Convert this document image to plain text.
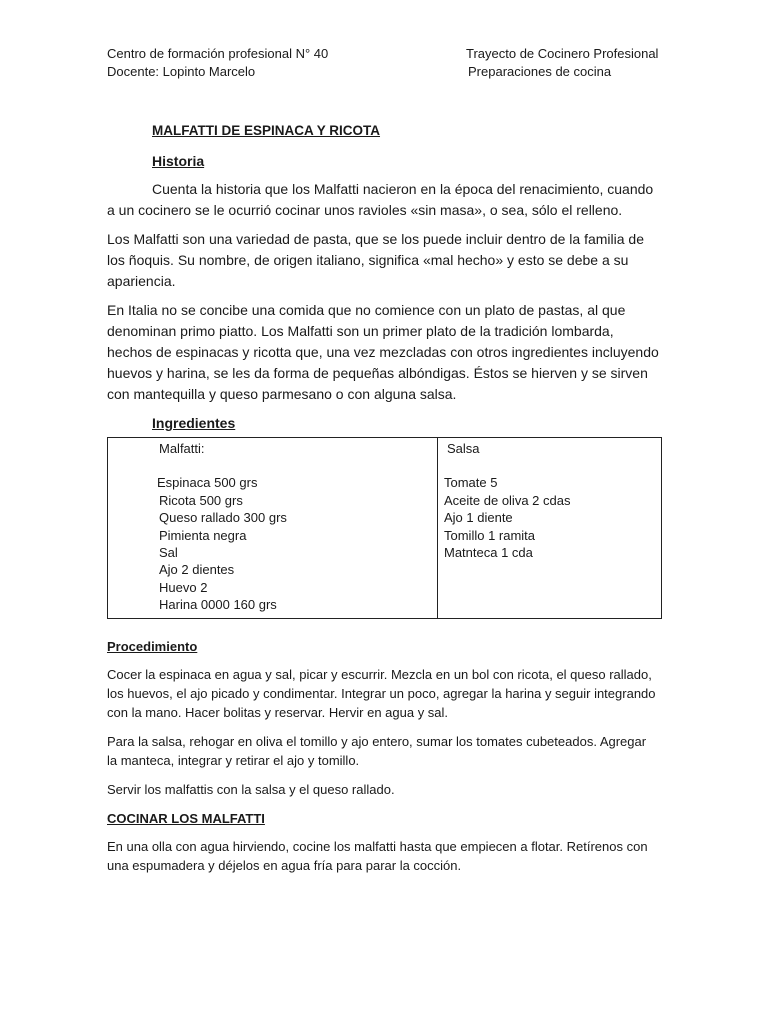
Centro de formación profesional N° 40
Docente: Lopinto Marcelo
Trayecto de Cocinero Profesional
Preparaciones de cocina
MALFATTI DE ESPINACA Y RICOTA
Historia

Cuenta la historia que los Malfatti nacieron en la época del renacimiento, cuando a un cocinero se le ocurrió cocinar unos ravioles «sin masa», o sea, sólo el relleno.

Los Malfatti son una variedad de pasta, que se los puede incluir dentro de la familia de los ñoquis. Su nombre, de origen italiano, significa «mal hecho» y esto se debe a su apariencia.

En Italia no se concibe una comida que no comience con un plato de pastas, al que denominan primo piatto. Los Malfatti son un primer plato de la tradición lombarda, hechos de espinacas y ricotta que, una vez mezcladas con otros ingredientes incluyendo huevos y harina, se les da forma de pequeñas albóndigas. Éstos se hierven y se sirven con mantequilla y queso parmesano o con alguna salsa.

Ingredientes
Malfatti:
Espinaca 500 grs
Ricota 500 grs
Queso rallado 300 grs
Pimienta negra
Sal
Ajo 2 dientes
Huevo 2
Harina 0000 160 grs

Salsa
Tomate 5
Aceite de oliva 2 cdas
Ajo 1 diente
Tomillo 1 ramita
Matnteca 1 cda
Procedimiento

Cocer la espinaca en agua y sal, picar y escurrir. Mezcla en un bol con ricota, el queso rallado, los huevos, el ajo picado y condimentar. Integrar un poco, agregar la harina y seguir integrando con la mano. Hacer bolitas y reservar. Hervir en agua y sal.

Para la salsa, rehogar en oliva el tomillo y ajo entero, sumar los tomates cubeteados. Agregar la manteca, integrar y retirar el ajo y tomillo.

Servir los malfattis con la salsa y el queso rallado.

COCINAR LOS MALFATTI

En una olla con agua hirviendo, cocine los malfatti hasta que empiecen a flotar. Retírenos con una espumadera y déjelos en agua fría para parar la cocción.
